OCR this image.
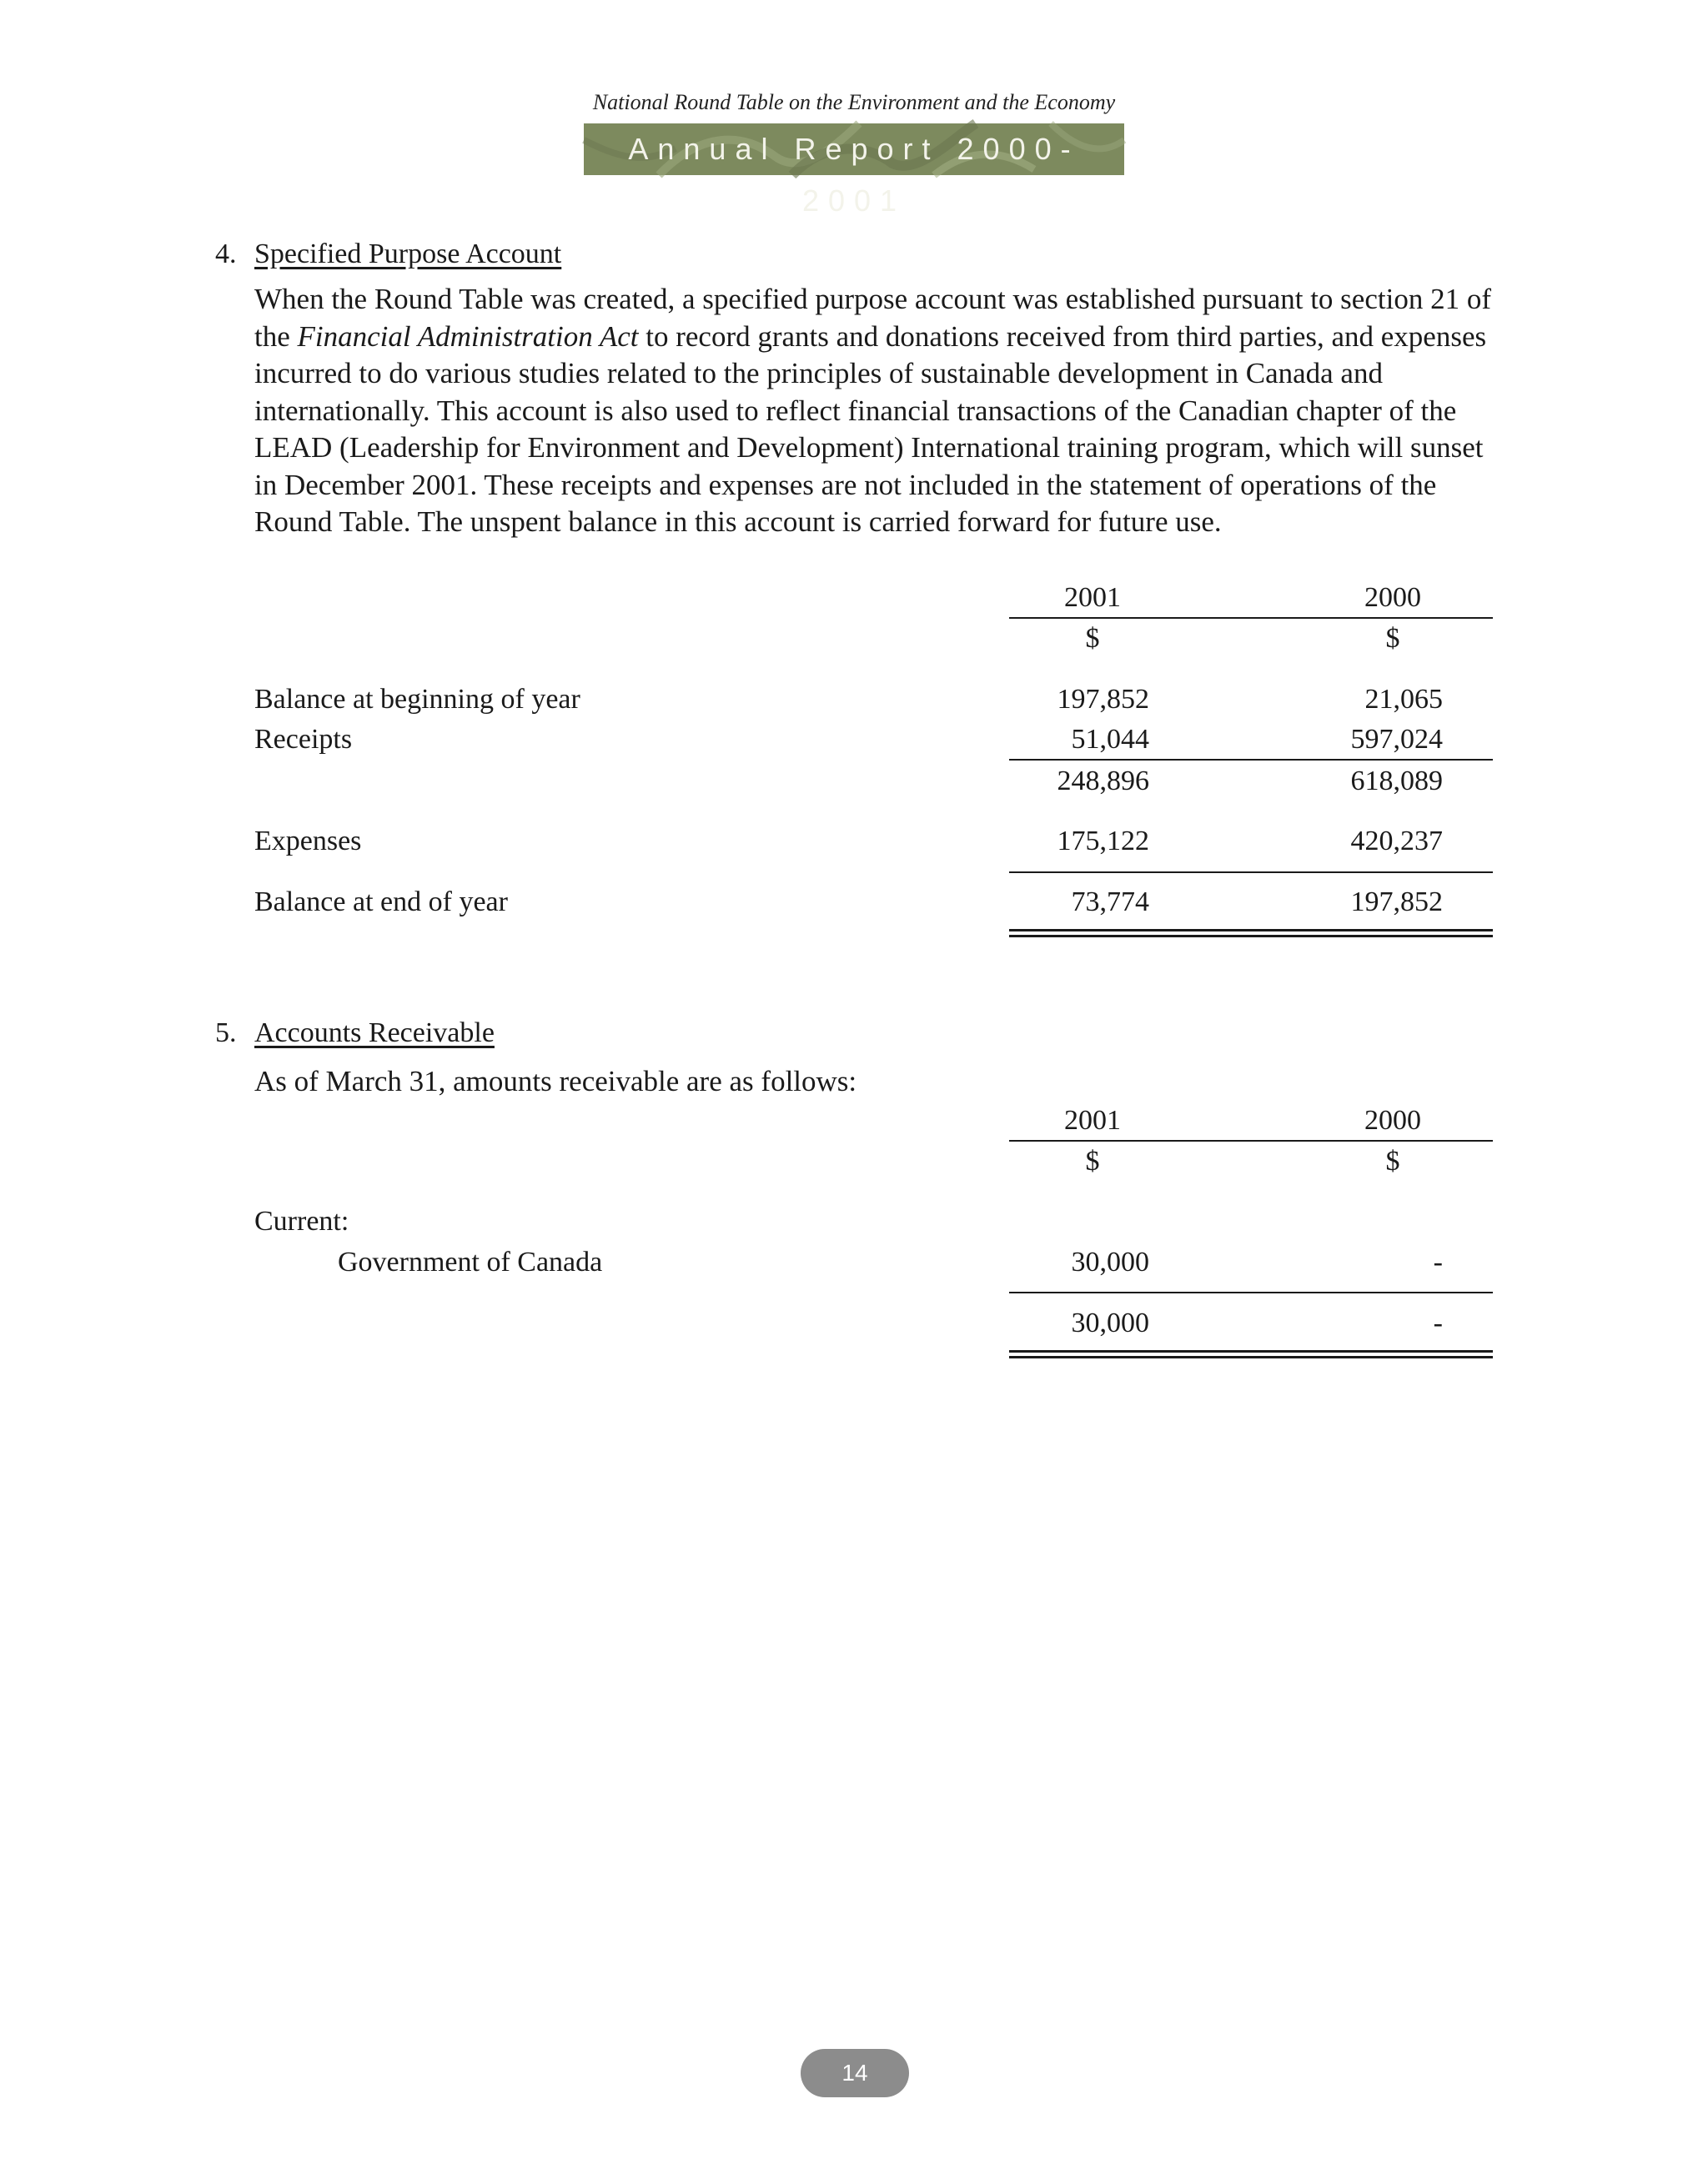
National Round Table on the Environment and the Economy
Annual Report 2000-2001
4. Specified Purpose Account
When the Round Table was created, a specified purpose account was established pursuant to section 21 of the Financial Administration Act to record grants and donations received from third parties, and expenses incurred to do various studies related to the principles of sustainable development in Canada and internationally. This account is also used to reflect financial transactions of the Canadian chapter of the LEAD (Leadership for Environment and Development) International training program, which will sunset in December 2001. These receipts and expenses are not included in the statement of operations of the Round Table. The unspent balance in this account is carried forward for future use.
2001	2000
$	$
Balance at beginning of year	197,852	21,065
Receipts	51,044	597,024
248,896	618,089
Expenses	175,122	420,237
Balance at end of year	73,774	197,852
5. Accounts Receivable
As of March 31, amounts receivable are as follows:
2001	2000
$	$
Current:
Government of Canada	30,000	-
30,000	-
14
